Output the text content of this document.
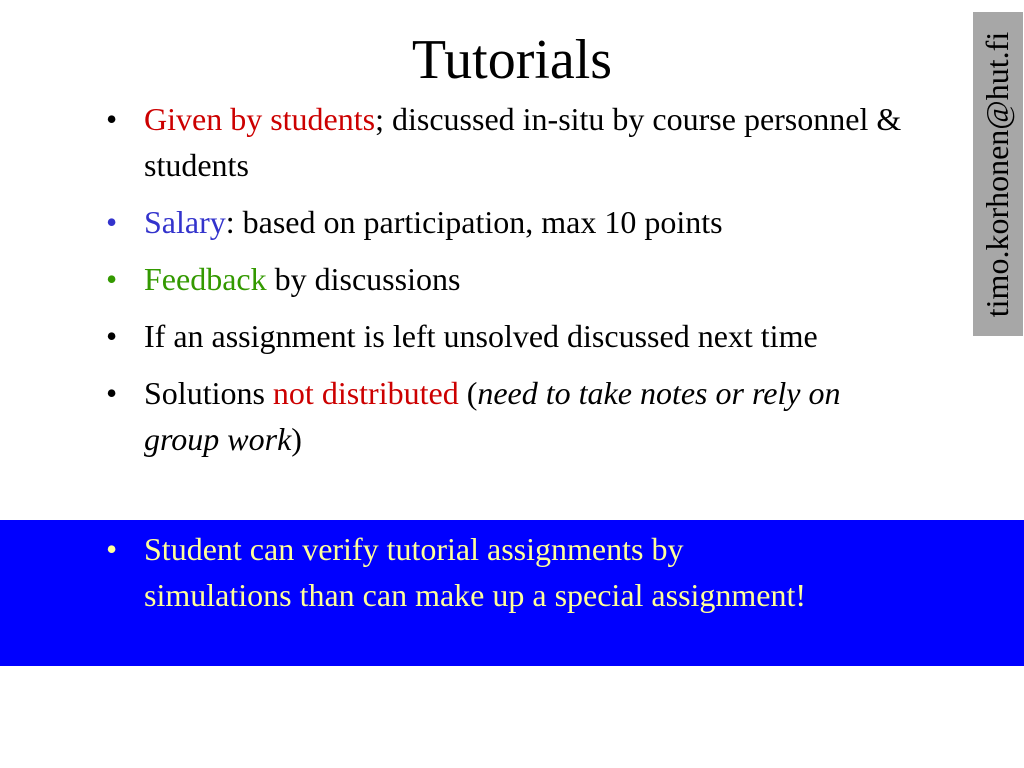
Tutorials	timo.korhonen@hut.fi
• Given by students; discussed in-situ by course personnel & students
• Salary: based on participation, max 10 points
• Feedback by discussions
• If an assignment is left unsolved discussed next time
• Solutions not distributed (need to take notes or rely on group work)
• Student can verify tutorial assignments by simulations than can make up a special assignment!
